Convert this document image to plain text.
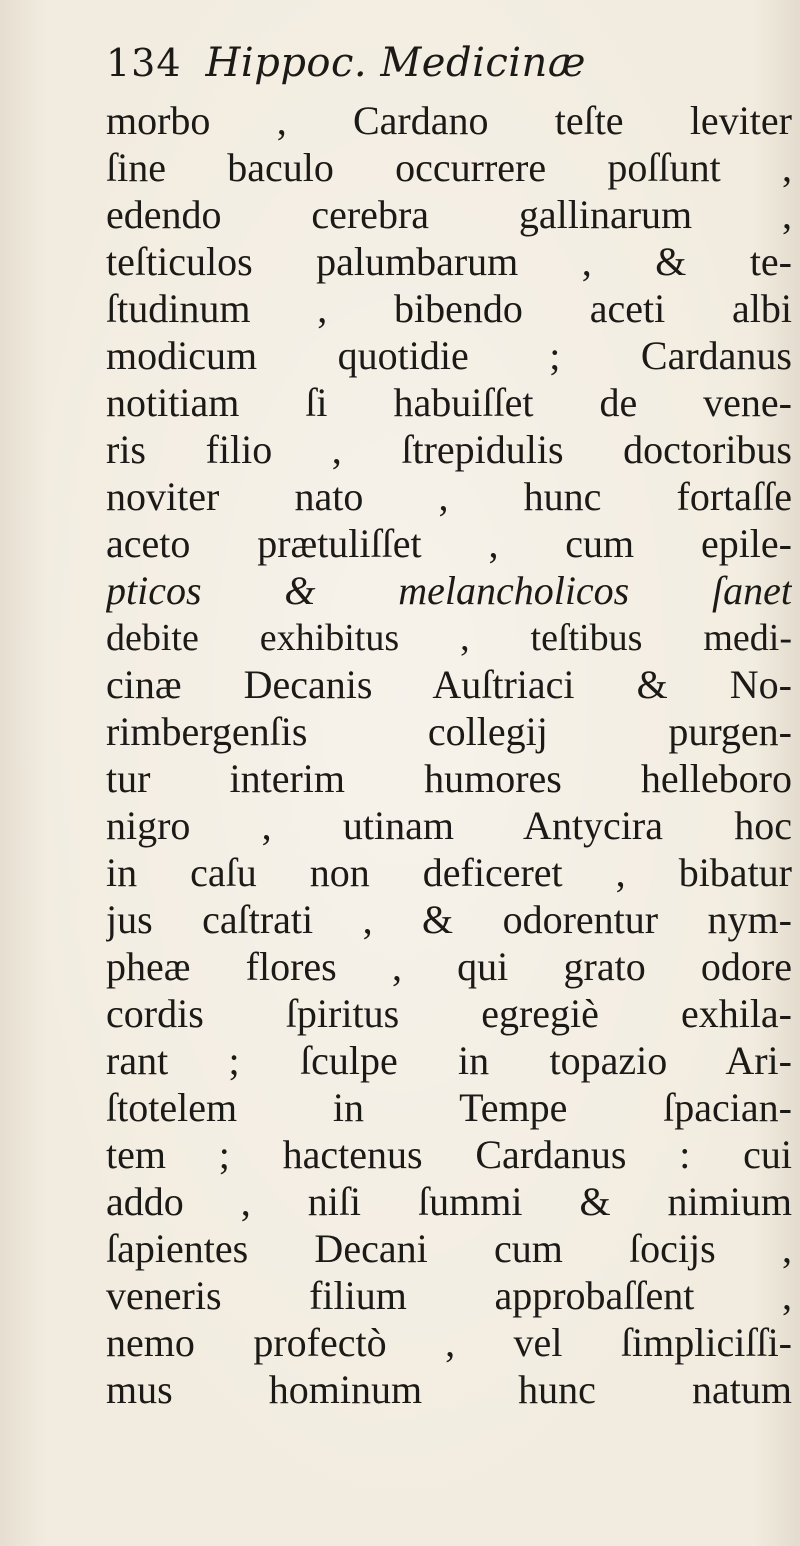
134 Hippoc. Medicinæ
morbo , Cardano teſte leviter
ſine baculo occurrere poſſunt ,
edendo cerebra gallinarum ,
teſticulos palumbarum , & te-
ſtudinum , bibendo aceti albi
modicum quotidie ; Cardanus
notitiam ſi habuiſſet de vene-
ris filio , ſtrepidulis doctoribus
noviter nato , hunc fortaſſe
aceto prætuliſſet , cum epile-
pticos & melancholicos ſanet
debite exhibitus , teſtibus medi-
cinæ Decanis Auſtriaci & No-
rimbergenſis collegij purgen-
tur interim humores helleboro
nigro , utinam Antycira hoc
in caſu non deficeret , bibatur
jus caſtrati , & odorentur nym-
pheæ flores , qui grato odore
cordis ſpiritus egregiè exhila-
rant ; ſculpe in topazio Ari-
ſtotelem in Tempe ſpacian-
tem ; hactenus Cardanus : cui
addo , niſi ſummi & nimium
ſapientes Decani cum ſocijs ,
veneris filium approbaſſent ,
nemo profectò , vel ſimpliciſſi-
mus hominum hunc natum
